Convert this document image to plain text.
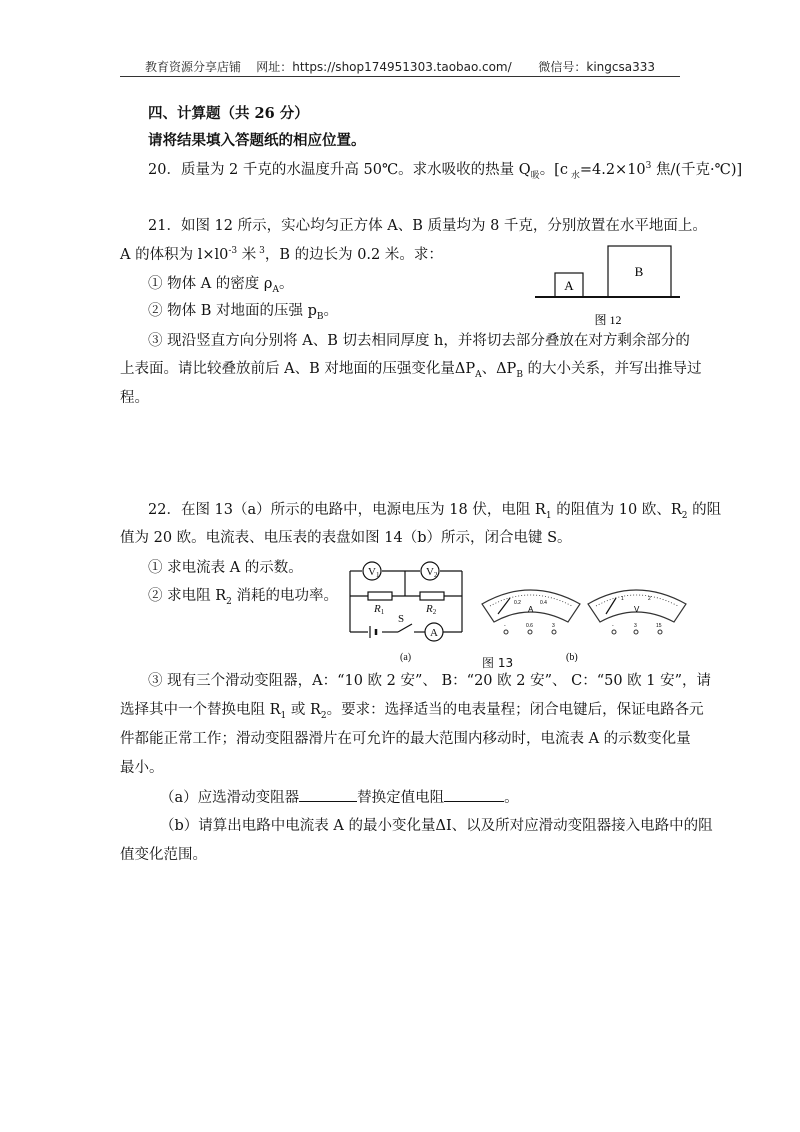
教育资源分享店铺 网址：https://shop174951303.taobao.com/ 微信号：kingcsa333
四、计算题（共 26 分）
请将结果填入答题纸的相应位置。
20．质量为 2 千克的水温度升高 50℃。求水吸收的热量 $Q_吸$。[c $_水=4.2\times 10^3$ 焦/(千克·℃)]
21．如图 12 所示，实心均匀正方体 A、B 质量均为 8 千克，分别放置在水平地面上。
A 的体积为 $l\times l0^{-3}$ 米 $^3$，B 的边长为 0.2 米。求：
① 物体 A 的密度 $\rho_A$。
② 物体 B 对地面的压强 $p_B$。
A
B
图 12
③ 现沿竖直方向分别将 A、B 切去相同厚度 h，并将切去部分叠放在对方剩余部分的
上表面。请比较叠放前后 A、B 对地面的压强变化量$\Delta P_A$、$\Delta P_B$ 的大小关系，并写出推导过
程。
22．在图 13（a）所示的电路中，电源电压为 18 伏，电阻 $R_1$ 的阻值为 10 欧、$R_2$ 的阻
值为 20 欧。电流表、电压表的表盘如图 14（b）所示，闭合电键 S。
① 求电流表 A 的示数。
② 求电阻 $R_2$ 消耗的电功率。
V1	V2
R1	R2
S
A
(a)
A
0.2	0.4
-	0.6	3
V
1	2
-	3	15
(b)
图 13
③ 现有三个滑动变阻器，A：“10 欧 2 安”、 B：“20 欧 2 安”、 C：“50 欧 1 安”，请
选择其中一个替换电阻 $R_1$ 或 $R_2$。要求：选择适当的电表量程；闭合电键后，保证电路各元
件都能正常工作；滑动变阻器滑片在可允许的最大范围内移动时，电流表 A 的示数变化量
最小。
（a）应选滑动变阻器	替换定值电阻	。
（b）请算出电路中电流表 A 的最小变化量ΔI、以及所对应滑动变阻器接入电路中的阻
值变化范围。
